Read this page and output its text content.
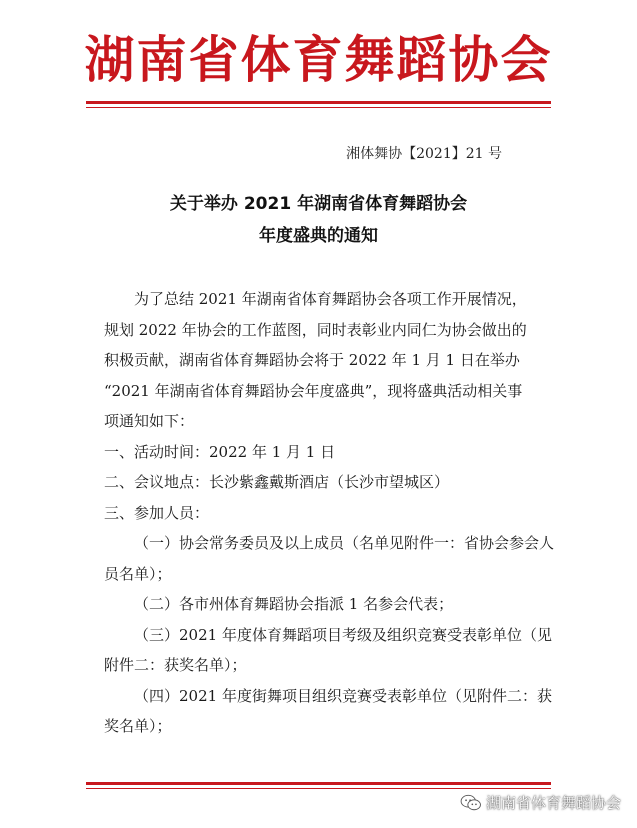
湖南省体育舞蹈协会
湘体舞协【2021】21 号
关于举办 2021 年湖南省体育舞蹈协会
年度盛典的通知
为了总结 2021 年湖南省体育舞蹈协会各项工作开展情况，
规划 2022 年协会的工作蓝图，同时表彰业内同仁为协会做出的
积极贡献，湖南省体育舞蹈协会将于 2022 年 1 月 1 日在举办
“2021 年湖南省体育舞蹈协会年度盛典”，现将盛典活动相关事
项通知如下：
一、活动时间：2022 年 1 月 1 日
二、会议地点：长沙紫鑫戴斯酒店（长沙市望城区）
三、参加人员：
（一）协会常务委员及以上成员（名单见附件一：省协会参会人
员名单）；
（二）各市州体育舞蹈协会指派 1 名参会代表；
（三）2021 年度体育舞蹈项目考级及组织竞赛受表彰单位（见
附件二：获奖名单）；
（四）2021 年度街舞项目组织竞赛受表彰单位（见附件二：获
奖名单）；
湖南省体育舞蹈协会
